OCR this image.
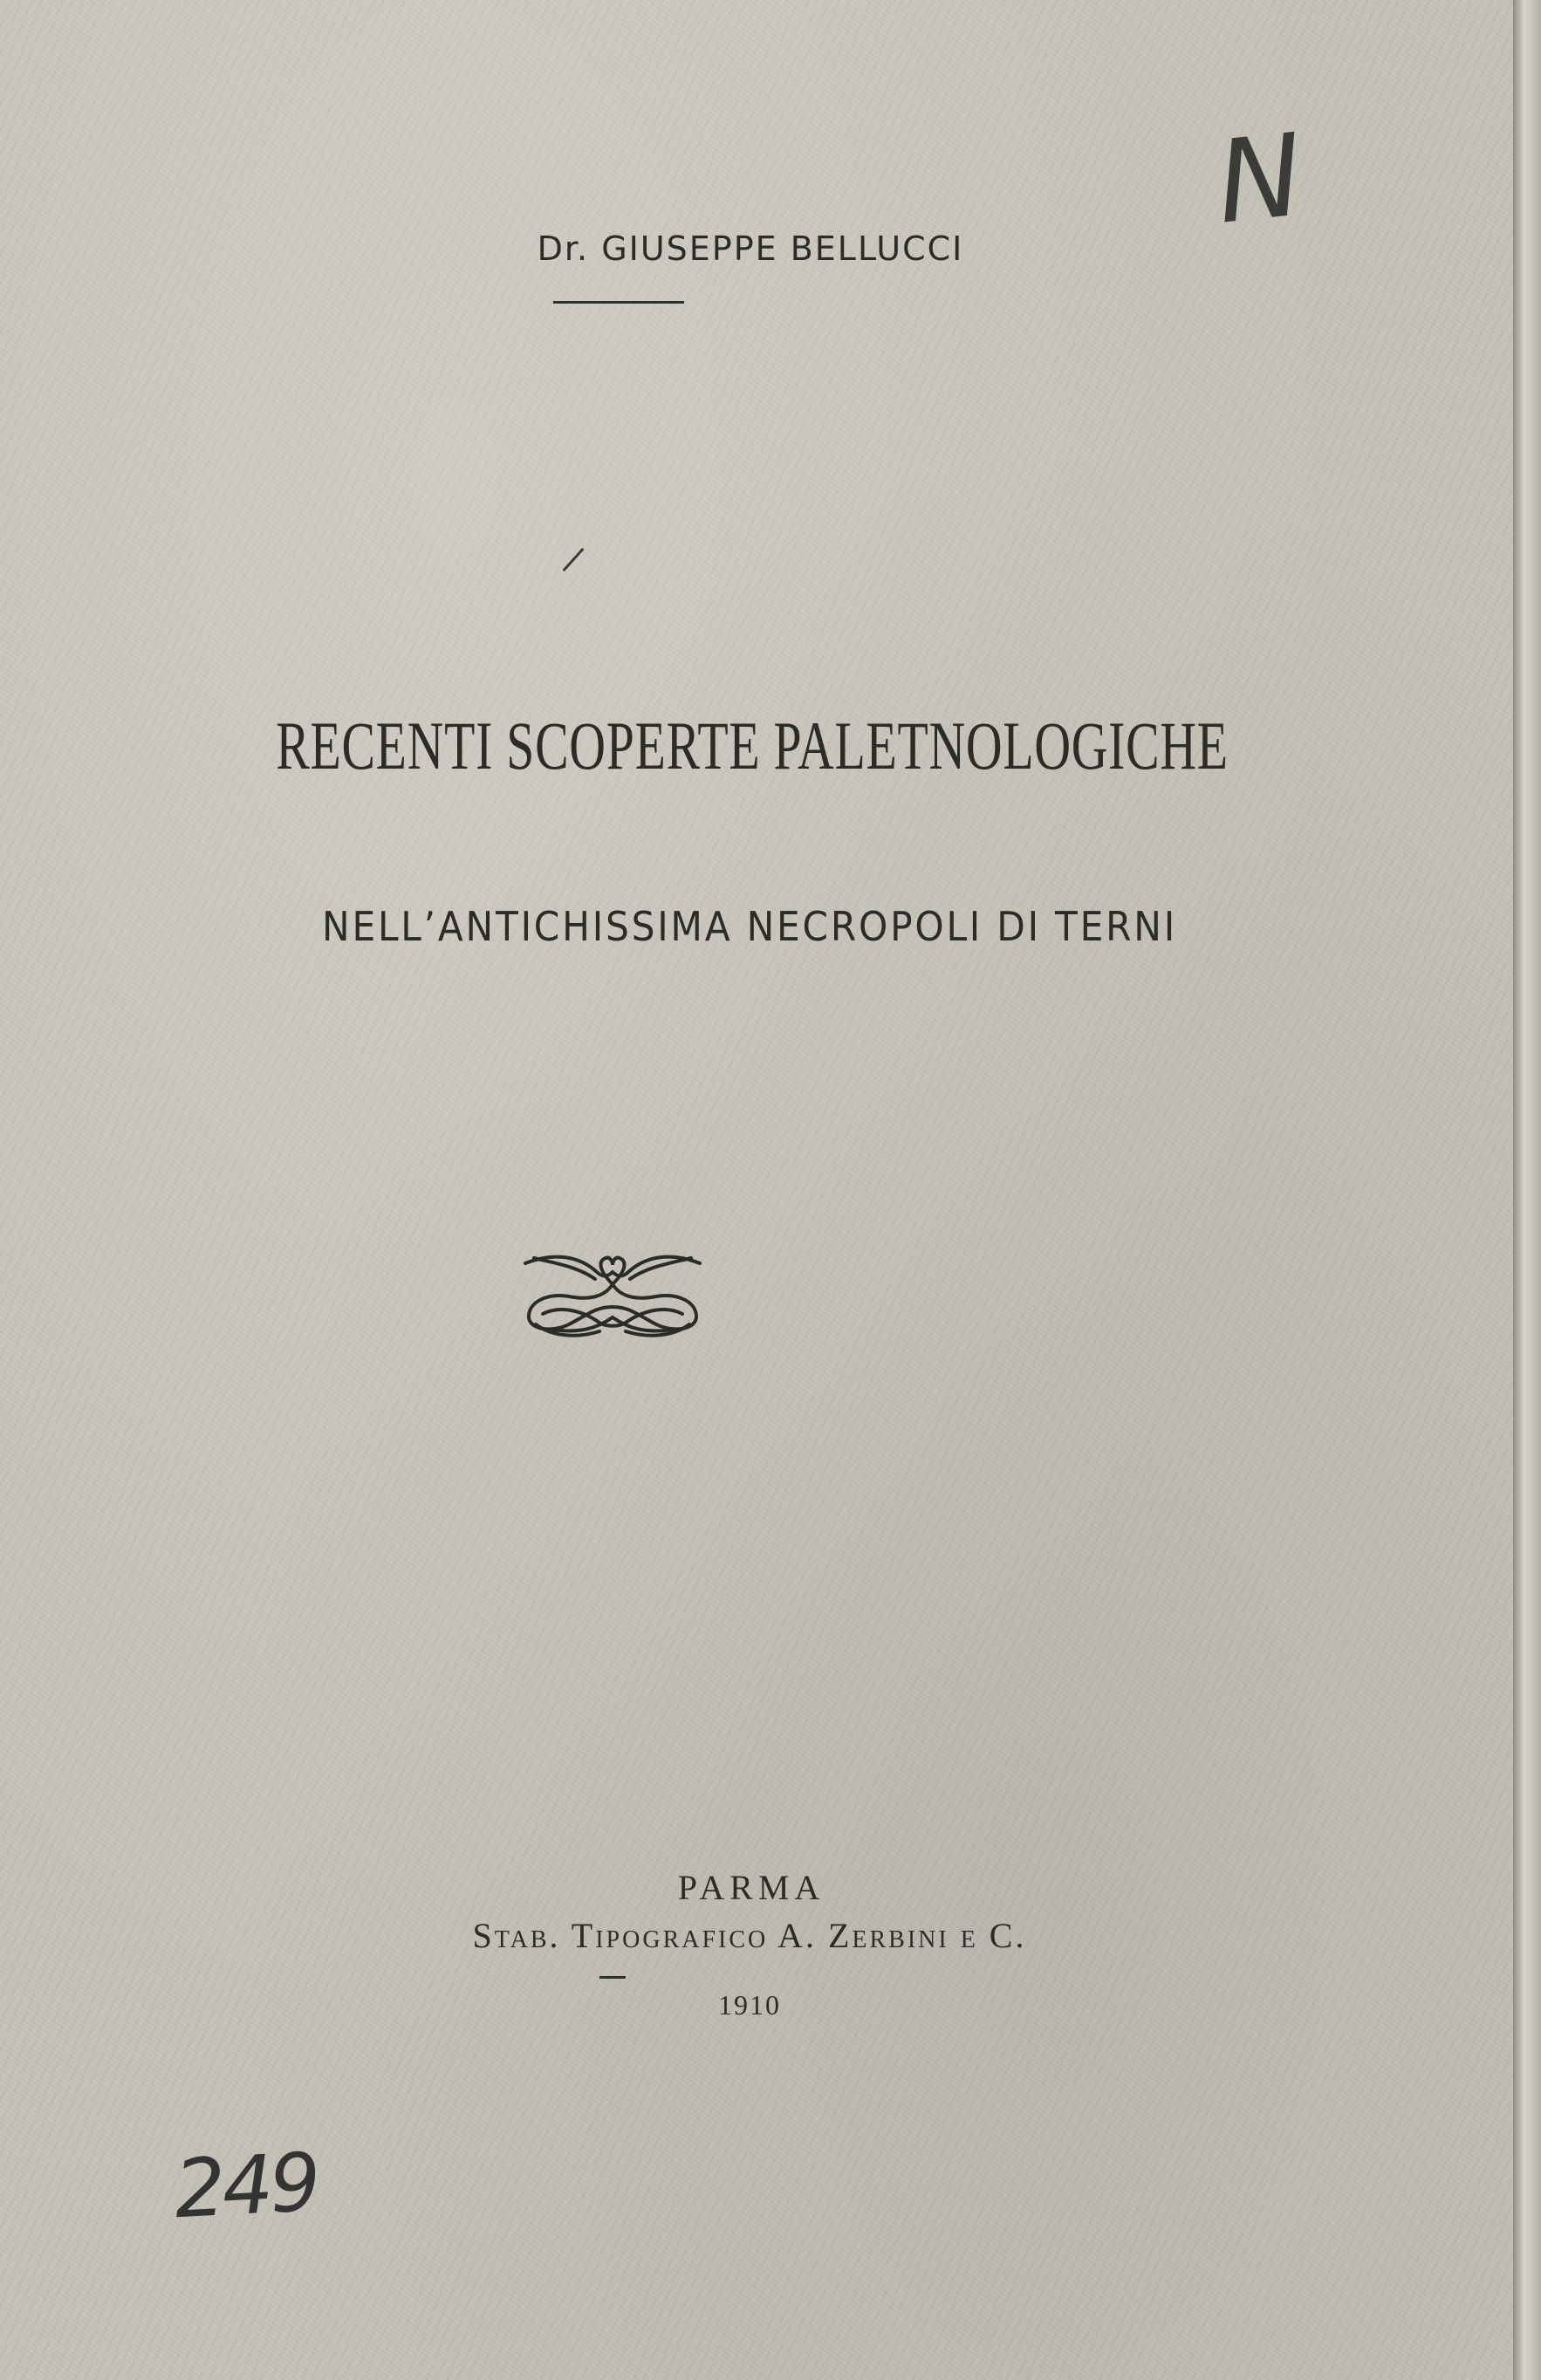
Dr. GIUSEPPE BELLUCCI
RECENTI SCOPERTE PALETNOLOGICHE
NELL’ANTICHISSIMA NECROPOLI DI TERNI
PARMA
Stab. Tipografico A. Zerbini e C.
1910
N
249
